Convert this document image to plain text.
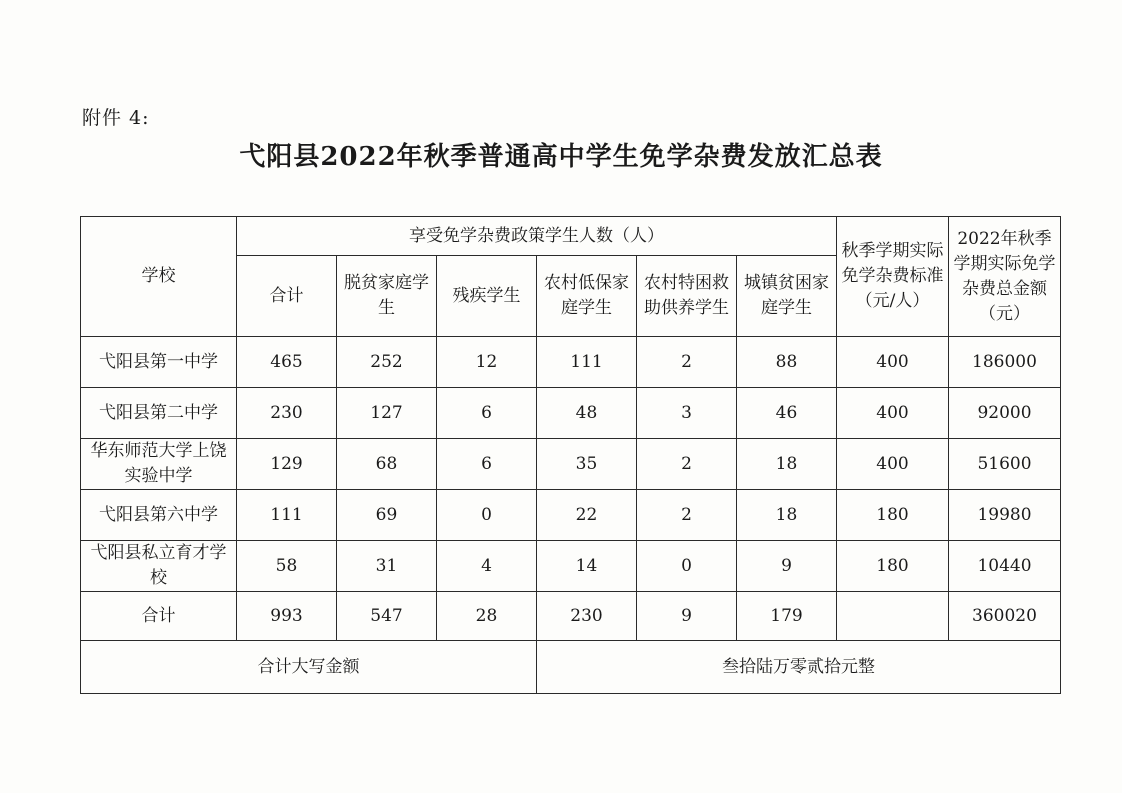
附件 4:
弋阳县2022年秋季普通高中学生免学杂费发放汇总表
学校	享受免学杂费政策学生人数（人）						秋季学期实际免学杂费标准（元/人）	2022年秋季学期实际免学杂费总金额（元）
	合计	脱贫家庭学生	残疾学生	农村低保家庭学生	农村特困救助供养学生	城镇贫困家庭学生		
弋阳县第一中学	465	252	12	111	2	88	400	186000
弋阳县第二中学	230	127	6	48	3	46	400	92000
华东师范大学上饶实验中学	129	68	6	35	2	18	400	51600
弋阳县第六中学	111	69	0	22	2	18	180	19980
弋阳县私立育才学校	58	31	4	14	0	9	180	10440
合计	993	547	28	230	9	179		360020
合计大写金额				叁拾陆万零贰拾元整				
